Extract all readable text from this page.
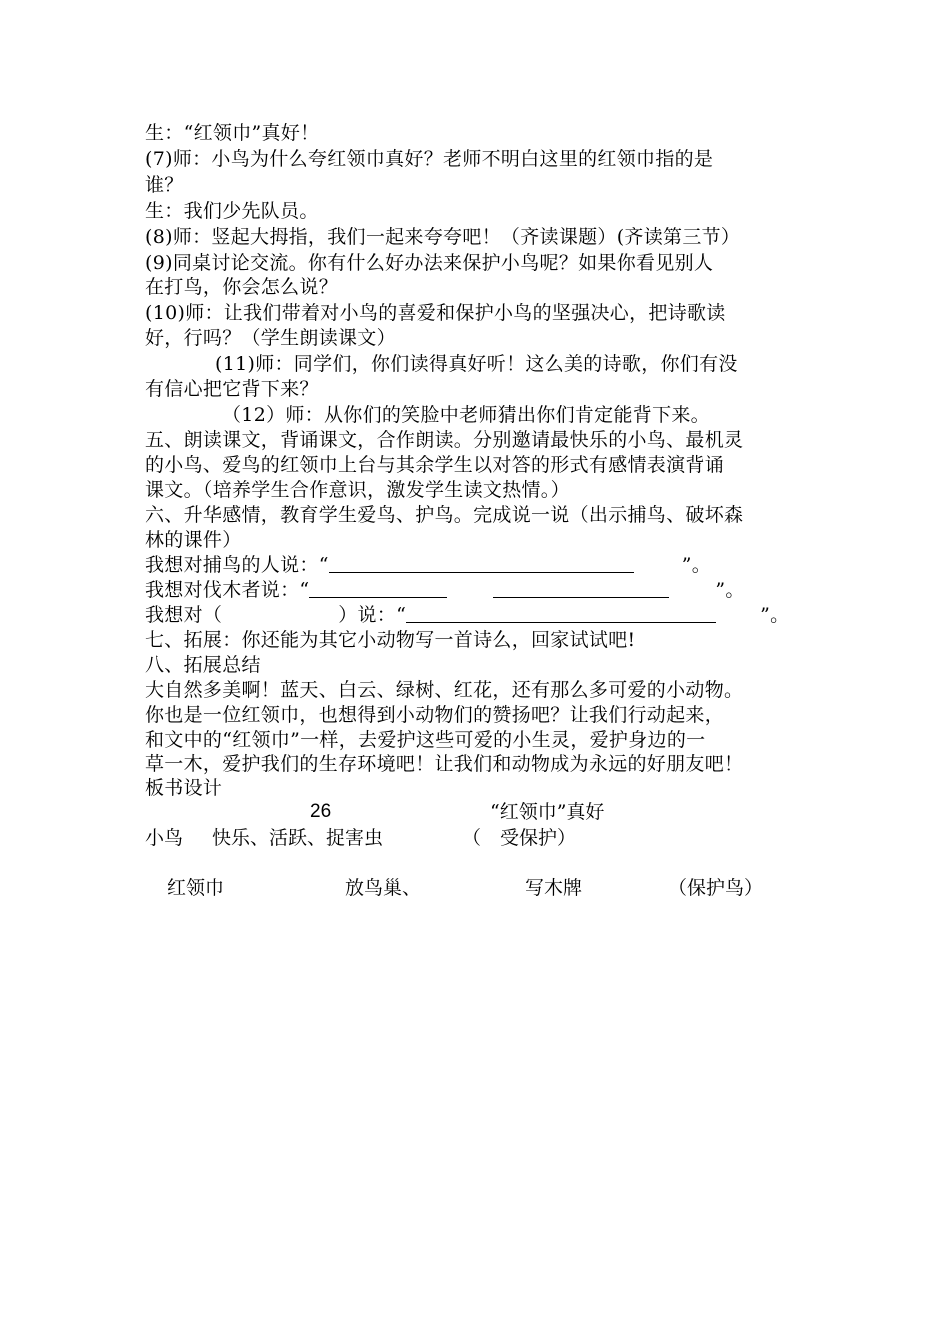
生：“红领巾”真好！
(7)师：小鸟为什么夸红领巾真好？老师不明白这里的红领巾指的是
谁？
生：我们少先队员。
(8)师：竖起大拇指，我们一起来夸夸吧！（齐读课题）(齐读第三节）
(9)同桌讨论交流。你有什么好办法来保护小鸟呢？如果你看见别人
在打鸟，你会怎么说？
(10)师：让我们带着对小鸟的喜爱和保护小鸟的坚强决心，把诗歌读
好，行吗？（学生朗读课文）
(11)师：同学们，你们读得真好听！这么美的诗歌，你们有没
有信心把它背下来？
（12）师：从你们的笑脸中老师猜出你们肯定能背下来。
五、朗读课文，背诵课文，合作朗读。分别邀请最快乐的小鸟、最机灵
的小鸟、爱鸟的红领巾上台与其余学生以对答的形式有感情表演背诵
课文。（培养学生合作意识，激发学生读文热情。）
六、升华感情，教育学生爱鸟、护鸟。完成说一说（出示捕鸟、破坏森
林的课件）
我想对捕鸟的人说：“	”。
我想对伐木者说：“	”。
我想对（	）说：“	”。
七、拓展：你还能为其它小动物写一首诗么，回家试试吧!
八、拓展总结
大自然多美啊！蓝天、白云、绿树、红花，还有那么多可爱的小动物。
你也是一位红领巾，也想得到小动物们的赞扬吧？让我们行动起来，
和文中的“红领巾”一样，去爱护这些可爱的小生灵，爱护身边的一
草一木，爱护我们的生存环境吧！让我们和动物成为永远的好朋友吧！
板书设计
26	“红领巾”真好
小鸟 快乐、活跃、捉害虫	（　受保护）
红领巾	放鸟巢、	写木牌	（保护鸟）
